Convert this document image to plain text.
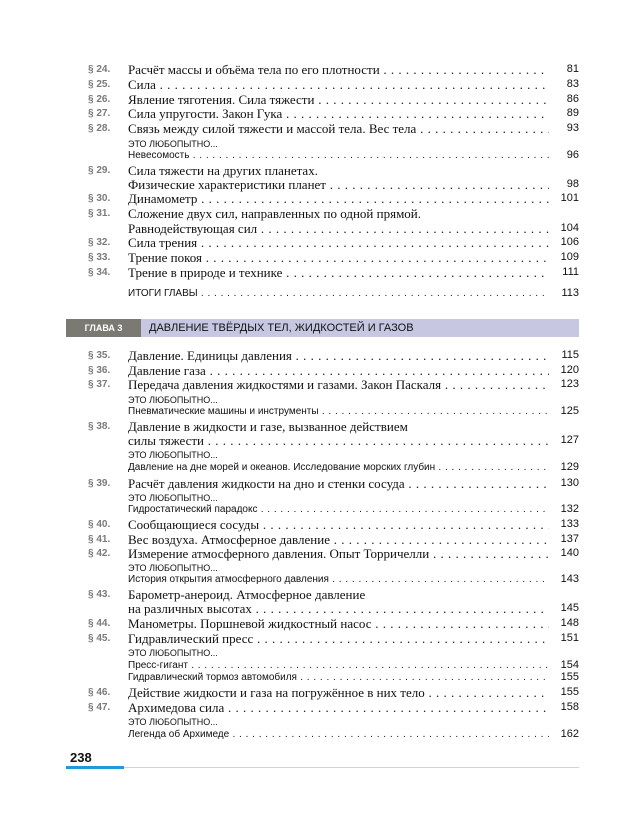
§ 24.	Расчёт массы и объёма тела по его плотности . . .	81
§ 25.	Сила . . .	83
§ 26.	Явление тяготения. Сила тяжести . . .	86
§ 27.	Сила упругости. Закон Гука . . .	89
§ 28.	Связь между силой тяжести и массой тела. Вес тела . . .	93
ЭТО ЛЮБОПЫТНО...
Невесомость . . .	96
§ 29.	Сила тяжести на других планетах.
Физические характеристики планет . . .	98
§ 30.	Динамометр . . .	101
§ 31.	Сложение двух сил, направленных по одной прямой.
Равнодействующая сил . . .	104
§ 32.	Сила трения . . .	106
§ 33.	Трение покоя . . .	109
§ 34.	Трение в природе и технике . . .	111
ИТОГИ ГЛАВЫ . . .	113
§ 35.	Давление. Единицы давления . . .	115
§ 36.	Давление газа . . .	120
§ 37.	Передача давления жидкостями и газами. Закон Паскаля . . .	123
ЭТО ЛЮБОПЫТНО...
Пневматические машины и инструменты . . .	125
§ 38.	Давление в жидкости и газе, вызванное действием
силы тяжести . . .	127
ЭТО ЛЮБОПЫТНО...
Давление на дне морей и океанов. Исследование морских глубин . . .	129
§ 39.	Расчёт давления жидкости на дно и стенки сосуда . . .	130
ЭТО ЛЮБОПЫТНО...
Гидростатический парадокс . . .	132
§ 40.	Сообщающиеся сосуды . . .	133
§ 41.	Вес воздуха. Атмосферное давление . . .	137
§ 42.	Измерение атмосферного давления. Опыт Торричелли . . .	140
ЭТО ЛЮБОПЫТНО...
История открытия атмосферного давления . . .	143
§ 43.	Барометр-анероид. Атмосферное давление
на различных высотах . . .	145
§ 44.	Манометры. Поршневой жидкостный насос . . .	148
§ 45.	Гидравлический пресс . . .	151
ЭТО ЛЮБОПЫТНО...
Пресс-гигант . . .	154
Гидравлический тормоз автомобиля . . .	155
§ 46.	Действие жидкости и газа на погружённое в них тело . . .	155
§ 47.	Архимедова сила . . .	158
ЭТО ЛЮБОПЫТНО...
Легенда об Архимеде . . .	162
ГЛАВА 3	ДАВЛЕНИЕ ТВЁРДЫХ ТЕЛ, ЖИДКОСТЕЙ И ГАЗОВ
238
